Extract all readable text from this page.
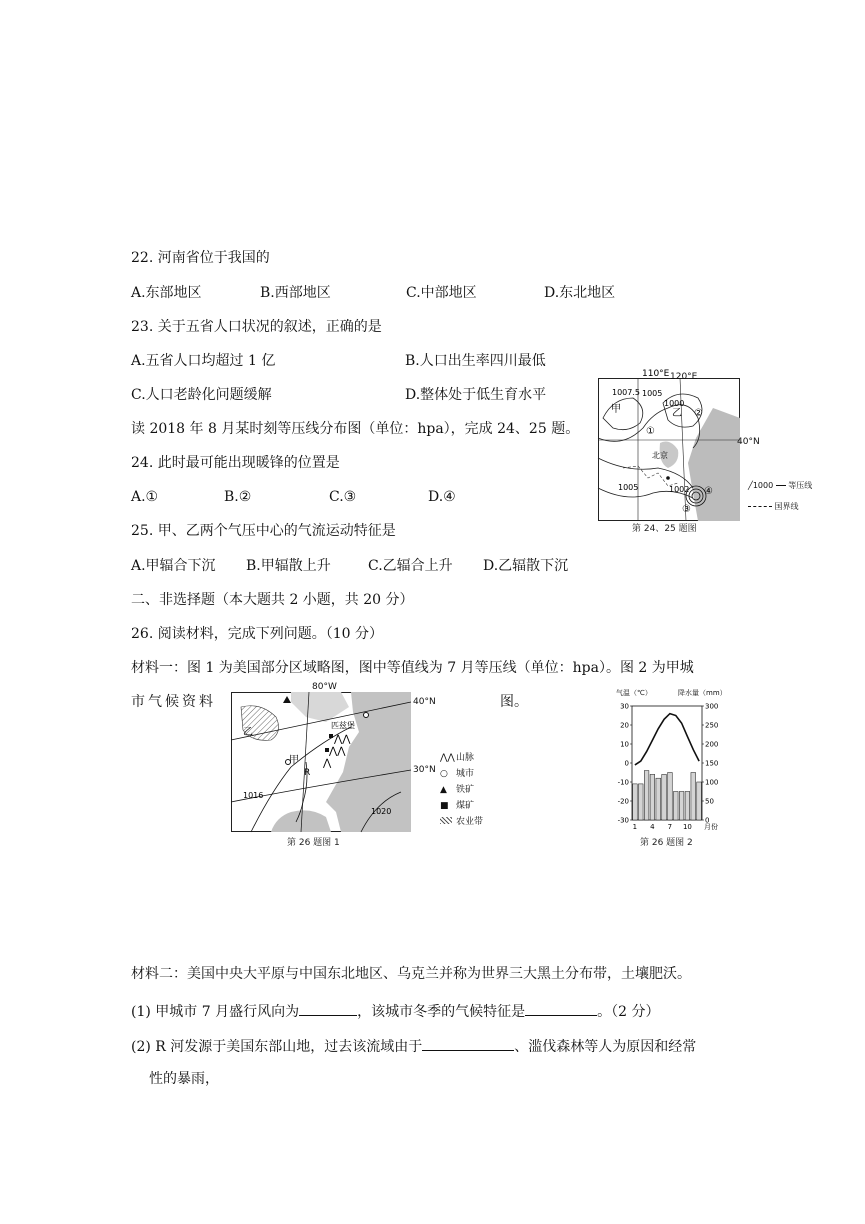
22. 河南省位于我国的
A.东部地区	B.西部地区	C.中部地区	D.东北地区
23. 关于五省人口状况的叙述，正确的是
A.五省人口均超过 1 亿	B.人口出生率四川最低
C.人口老龄化问题缓解	D.整体处于低生育水平
读 2018 年 8 月某时刻等压线分布图（单位：hpa），完成 24、25 题。
24. 此时最可能出现暖锋的位置是
A.①	B.②	C.③	D.④
25. 甲、乙两个气压中心的气流运动特征是
A.甲辐合下沉 B.甲辐散上升	C.乙辐合上升 D.乙辐散下沉
二、非选择题（本大题共 2 小题，共 20 分）
26. 阅读材料，完成下列问题。（10 分）
材料一：图 1 为美国部分区域略图，图中等值线为 7 月等压线（单位：hpa）。图 2 为甲城
市气候资料	图。
110°E
1007.5 1005
1000
1005	1002
甲	乙
北京
①
②
③
④
120°E
40°N
╱1000 等压线
国界线
第 24、25 题图
⋀⋀
⋀⋀
⋀
乙
甲
R
匹兹堡
1016
1020
80°W
40°N
30°N
⋀⋀山脉
○ 城市
▲ 铁矿
■ 煤矿
农业带
第 26 题图 1
气温（℃）	降水量（mm）
30
20
10
0
-10
-20
-30
300
250
200
150
100
50
0
1 4 7 10 月份
第 26 题图 2
材料二：美国中央大平原与中国东北地区、乌克兰并称为世界三大黑土分布带，土壤肥沃。
(1) 甲城市 7 月盛行风向为	，该城市冬季的气候特征是	。（2 分）
(2) R 河发源于美国东部山地，过去该流域由于	、滥伐森林等人为原因和经常
性的暴雨，
